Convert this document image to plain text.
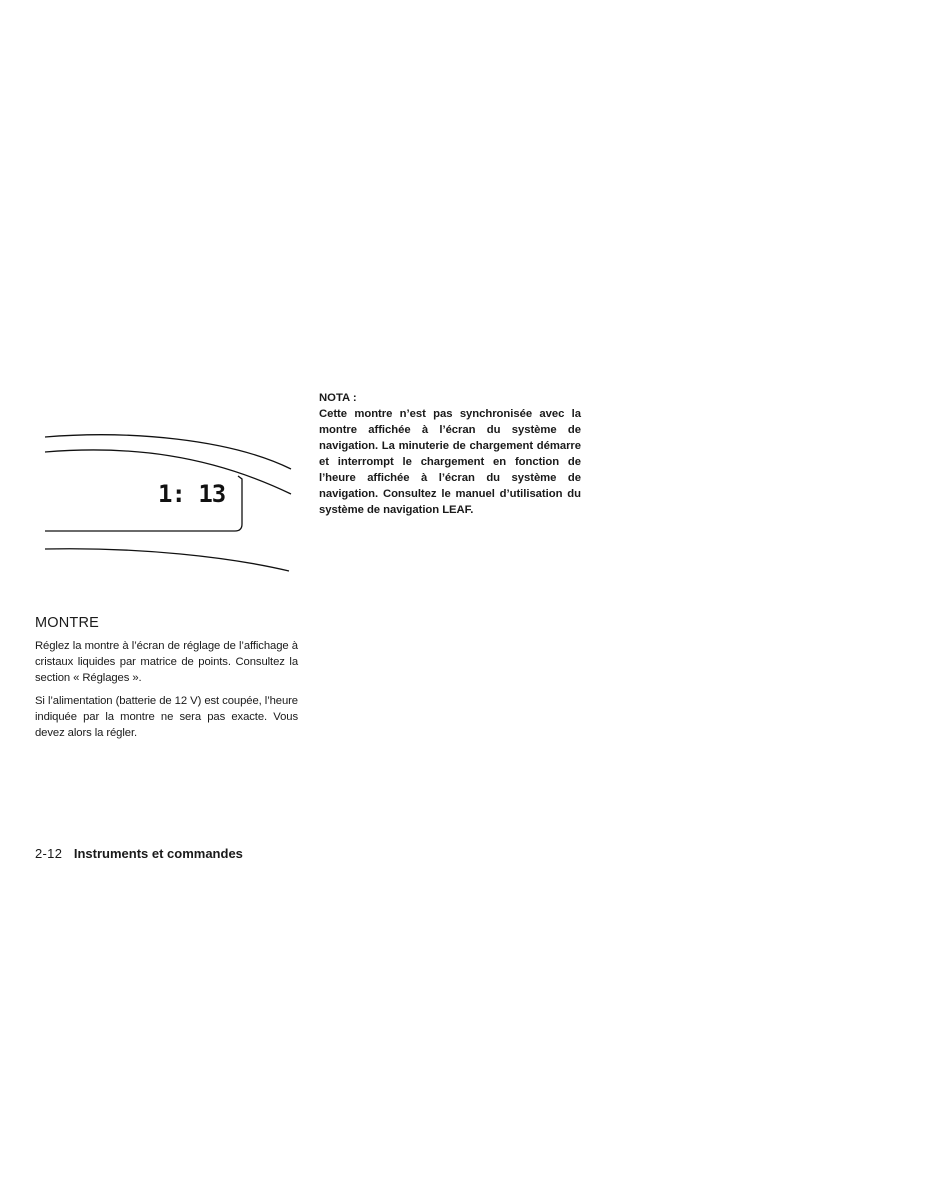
1: 13
MONTRE

Réglez la montre à l’écran de réglage de l’affichage à cristaux liquides par matrice de points. Consultez la section « Réglages ».

Si l’alimentation (batterie de 12 V) est coupée, l’heure indiquée par la montre ne sera pas exacte. Vous devez alors la régler.

NOTA :

Cette montre n’est pas synchronisée avec la montre affichée à l’écran du système de navigation. La minuterie de chargement démarre et interrompt le chargement en fonction de l’heure affichée à l’écran du système de navigation. Consultez le manuel d’utilisation du système de navigation LEAF.

2-12 Instruments et commandes
